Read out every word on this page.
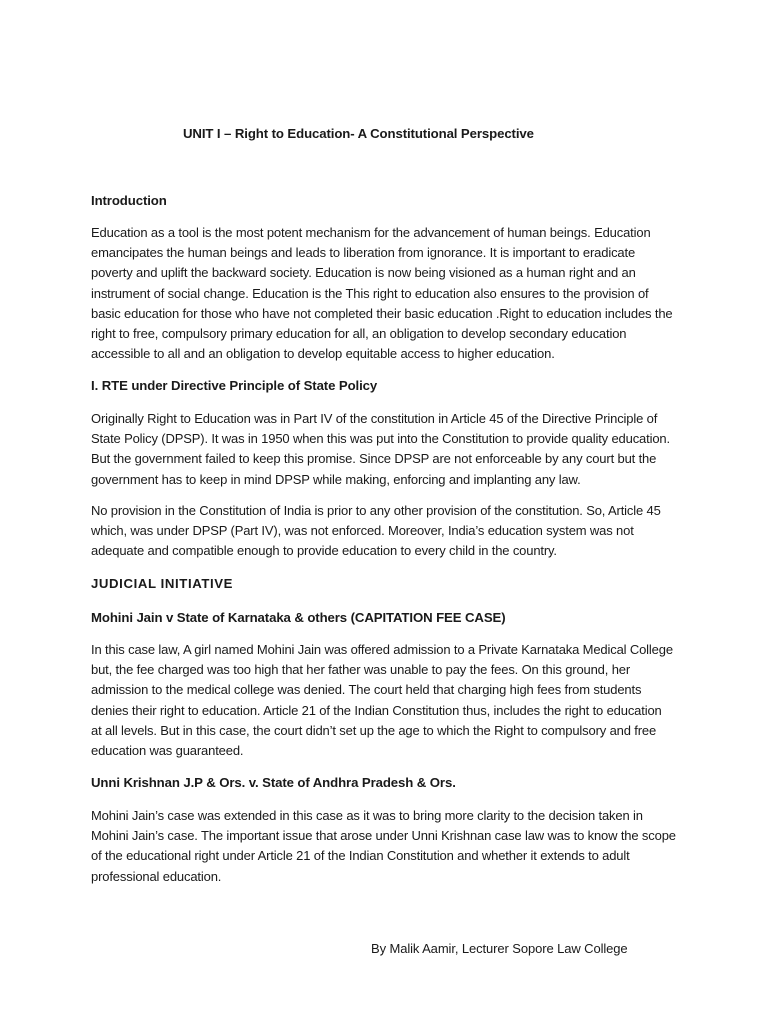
UNIT I – Right to Education- A Constitutional Perspective
Introduction

Education as a tool is the most potent mechanism for the advancement of human beings. Education
emancipates the human beings and leads to liberation from ignorance. It is important to eradicate
poverty and uplift the backward society. Education is now being visioned as a human right and an
instrument of social change. Education is the This right to education also ensures to the provision of
basic education for those who have not completed their basic education .Right to education includes the
right to free, compulsory primary education for all, an obligation to develop secondary education
accessible to all and an obligation to develop equitable access to higher education.

I. RTE under Directive Principle of State Policy

Originally Right to Education was in Part IV of the constitution in Article 45 of the Directive Principle of
State Policy (DPSP). It was in 1950 when this was put into the Constitution to provide quality education.
But the government failed to keep this promise. Since DPSP are not enforceable by any court but the
government has to keep in mind DPSP while making, enforcing and implanting any law.

No provision in the Constitution of India is prior to any other provision of the constitution. So, Article 45
which, was under DPSP (Part IV), was not enforced. Moreover, India’s education system was not
adequate and compatible enough to provide education to every child in the country.

JUDICIAL INITIATIVE
Mohini Jain v State of Karnataka & others (CAPITATION FEE CASE)

In this case law, A girl named Mohini Jain was offered admission to a Private Karnataka Medical College
but, the fee charged was too high that her father was unable to pay the fees. On this ground, her
admission to the medical college was denied. The court held that charging high fees from students
denies their right to education. Article 21 of the Indian Constitution thus, includes the right to education
at all levels. But in this case, the court didn’t set up the age to which the Right to compulsory and free
education was guaranteed.

Unni Krishnan J.P & Ors. v. State of Andhra Pradesh & Ors.

Mohini Jain’s case was extended in this case as it was to bring more clarity to the decision taken in
Mohini Jain’s case. The important issue that arose under Unni Krishnan case law was to know the scope
of the educational right under Article 21 of the Indian Constitution and whether it extends to adult
professional education.

By Malik Aamir, Lecturer Sopore Law College
